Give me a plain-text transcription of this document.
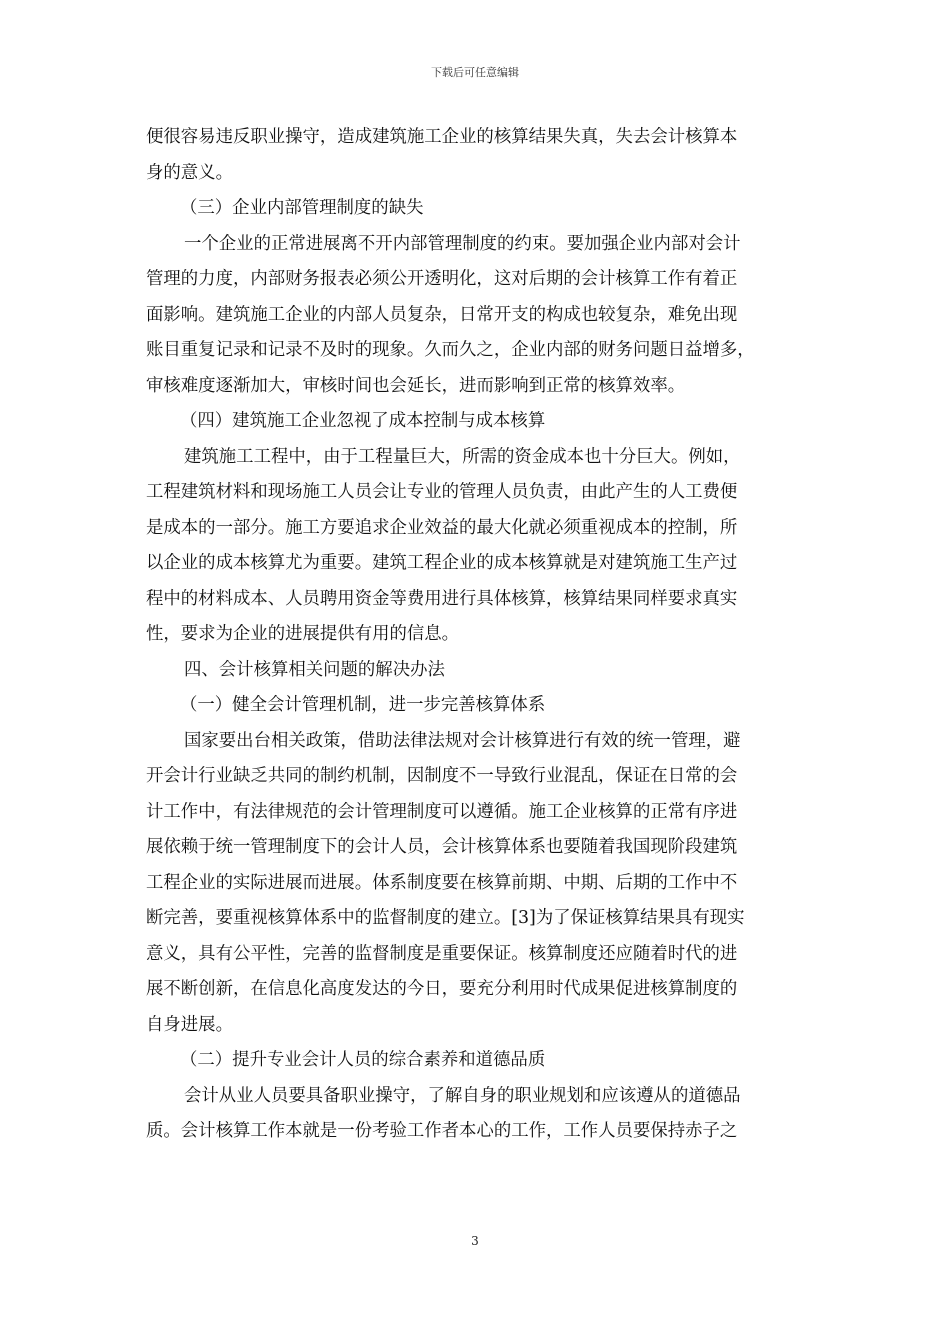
下载后可任意编辑
便很容易违反职业操守，造成建筑施工企业的核算结果失真，失去会计核算本
身的意义。
（三）企业内部管理制度的缺失
一个企业的正常进展离不开内部管理制度的约束。要加强企业内部对会计
管理的力度，内部财务报表必须公开透明化，这对后期的会计核算工作有着正
面影响。建筑施工企业的内部人员复杂，日常开支的构成也较复杂，难免出现
账目重复记录和记录不及时的现象。久而久之，企业内部的财务问题日益增多，
审核难度逐渐加大，审核时间也会延长，进而影响到正常的核算效率。
（四）建筑施工企业忽视了成本控制与成本核算
建筑施工工程中，由于工程量巨大，所需的资金成本也十分巨大。例如，
工程建筑材料和现场施工人员会让专业的管理人员负责，由此产生的人工费便
是成本的一部分。施工方要追求企业效益的最大化就必须重视成本的控制，所
以企业的成本核算尤为重要。建筑工程企业的成本核算就是对建筑施工生产过
程中的材料成本、人员聘用资金等费用进行具体核算，核算结果同样要求真实
性，要求为企业的进展提供有用的信息。
四、会计核算相关问题的解决办法
（一）健全会计管理机制，进一步完善核算体系
国家要出台相关政策，借助法律法规对会计核算进行有效的统一管理，避
开会计行业缺乏共同的制约机制，因制度不一导致行业混乱，保证在日常的会
计工作中，有法律规范的会计管理制度可以遵循。施工企业核算的正常有序进
展依赖于统一管理制度下的会计人员，会计核算体系也要随着我国现阶段建筑
工程企业的实际进展而进展。体系制度要在核算前期、中期、后期的工作中不
断完善，要重视核算体系中的监督制度的建立。[3]为了保证核算结果具有现实
意义，具有公平性，完善的监督制度是重要保证。核算制度还应随着时代的进
展不断创新，在信息化高度发达的今日，要充分利用时代成果促进核算制度的
自身进展。
（二）提升专业会计人员的综合素养和道德品质
会计从业人员要具备职业操守，了解自身的职业规划和应该遵从的道德品
质。会计核算工作本就是一份考验工作者本心的工作，工作人员要保持赤子之
3
